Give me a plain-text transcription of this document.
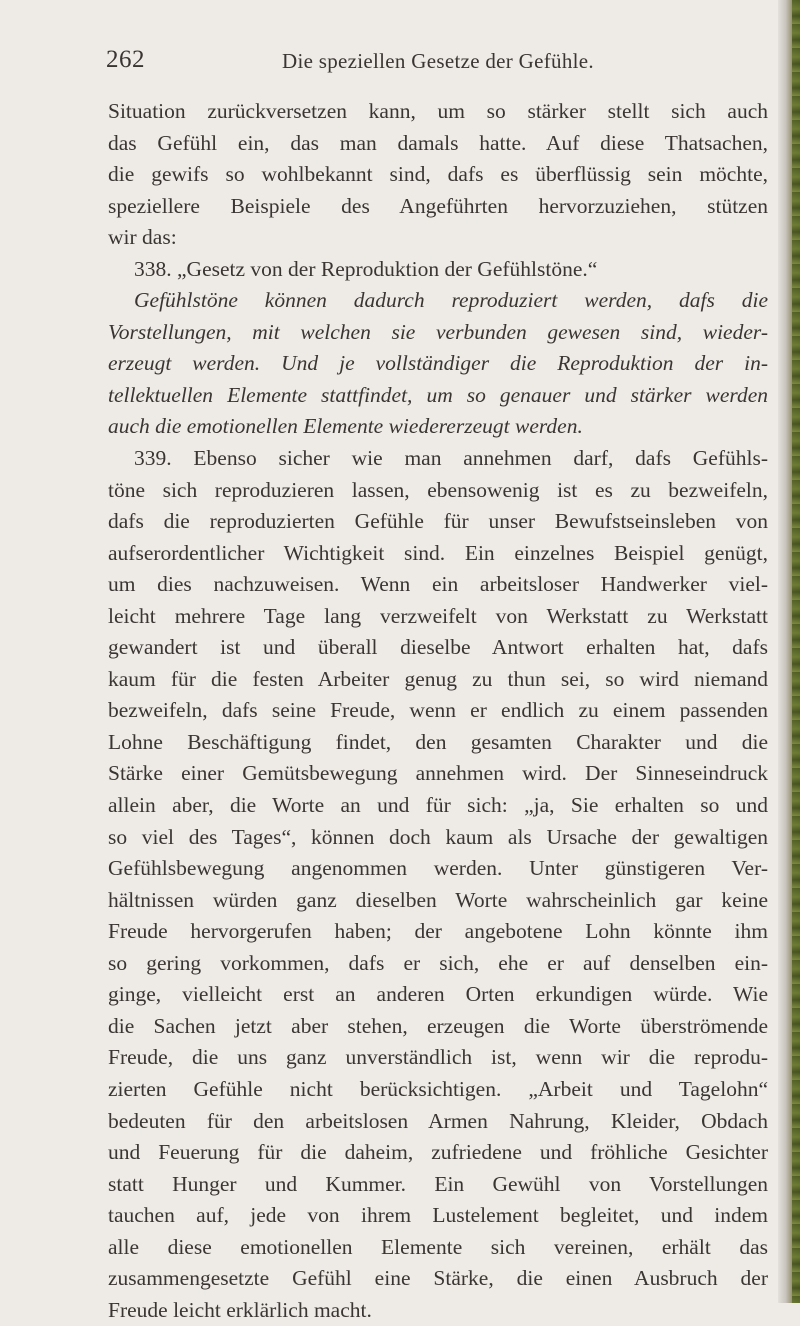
262	Die speziellen Gesetze der Gefühle.
Situation zurückversetzen kann, um so stärker stellt sich auch
das Gefühl ein, das man damals hatte. Auf diese Thatsachen,
die gewifs so wohlbekannt sind, dafs es überflüssig sein möchte,
speziellere Beispiele des Angeführten hervorzuziehen, stützen
wir das:
338. „Gesetz von der Reproduktion der Gefühlstöne.“
Gefühlstöne können dadurch reproduziert werden, dafs die
Vorstellungen, mit welchen sie verbunden gewesen sind, wieder-
erzeugt werden. Und je vollständiger die Reproduktion der in-
tellektuellen Elemente stattfindet, um so genauer und stärker werden
auch die emotionellen Elemente wiedererzeugt werden.
339. Ebenso sicher wie man annehmen darf, dafs Gefühls-
töne sich reproduzieren lassen, ebensowenig ist es zu bezweifeln,
dafs die reproduzierten Gefühle für unser Bewufstseinsleben von
aufserordentlicher Wichtigkeit sind. Ein einzelnes Beispiel genügt,
um dies nachzuweisen. Wenn ein arbeitsloser Handwerker viel-
leicht mehrere Tage lang verzweifelt von Werkstatt zu Werkstatt
gewandert ist und überall dieselbe Antwort erhalten hat, dafs
kaum für die festen Arbeiter genug zu thun sei, so wird niemand
bezweifeln, dafs seine Freude, wenn er endlich zu einem passenden
Lohne Beschäftigung findet, den gesamten Charakter und die
Stärke einer Gemütsbewegung annehmen wird. Der Sinneseindruck
allein aber, die Worte an und für sich: „ja, Sie erhalten so und
so viel des Tages“, können doch kaum als Ursache der gewaltigen
Gefühlsbewegung angenommen werden. Unter günstigeren Ver-
hältnissen würden ganz dieselben Worte wahrscheinlich gar keine
Freude hervorgerufen haben; der angebotene Lohn könnte ihm
so gering vorkommen, dafs er sich, ehe er auf denselben ein-
ginge, vielleicht erst an anderen Orten erkundigen würde. Wie
die Sachen jetzt aber stehen, erzeugen die Worte überströmende
Freude, die uns ganz unverständlich ist, wenn wir die reprodu-
zierten Gefühle nicht berücksichtigen. „Arbeit und Tagelohn“
bedeuten für den arbeitslosen Armen Nahrung, Kleider, Obdach
und Feuerung für die daheim, zufriedene und fröhliche Gesichter
statt Hunger und Kummer. Ein Gewühl von Vorstellungen
tauchen auf, jede von ihrem Lustelement begleitet, und indem
alle diese emotionellen Elemente sich vereinen, erhält das
zusammengesetzte Gefühl eine Stärke, die einen Ausbruch der
Freude leicht erklärlich macht.
